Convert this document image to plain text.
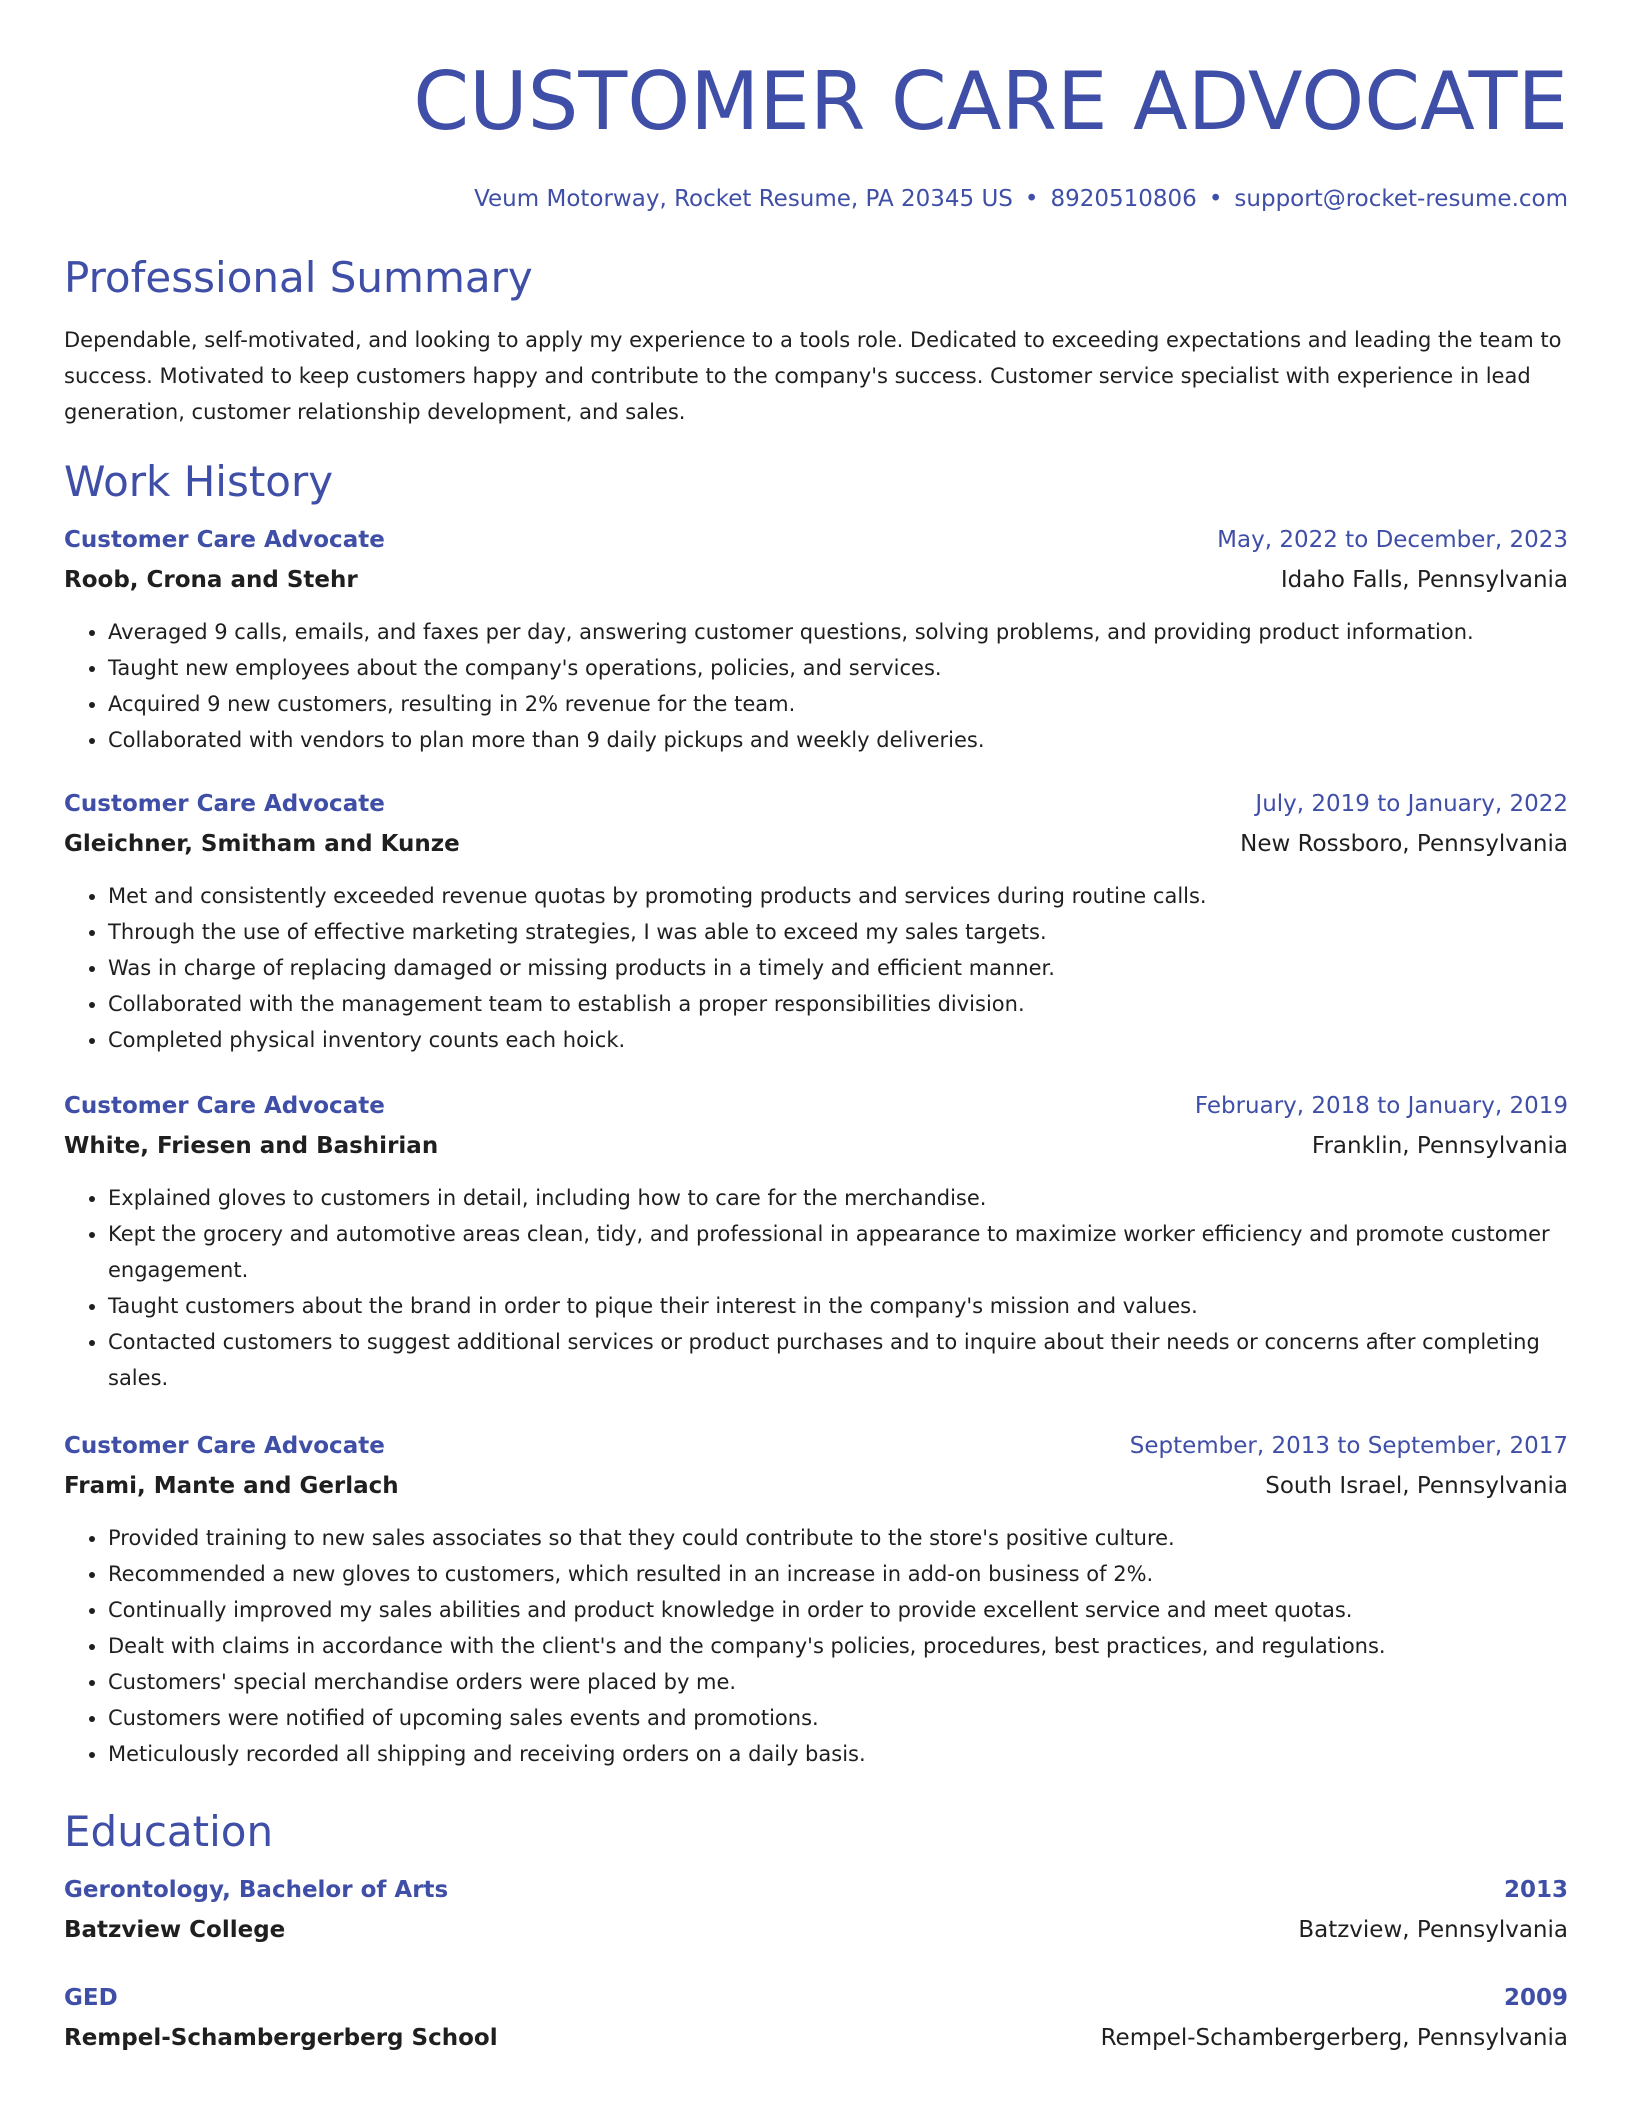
CUSTOMER CARE ADVOCATE
Veum Motorway, Rocket Resume, PA 20345 US • 8920510806 • support@rocket-resume.com
Professional Summary
Dependable, self-motivated, and looking to apply my experience to a tools role. Dedicated to exceeding expectations and leading the team to success. Motivated to keep customers happy and contribute to the company's success. Customer service specialist with experience in lead generation, customer relationship development, and sales.
Work History
Customer Care Advocate	May, 2022 to December, 2023
Roob, Crona and Stehr	Idaho Falls, Pennsylvania
• Averaged 9 calls, emails, and faxes per day, answering customer questions, solving problems, and providing product information.
• Taught new employees about the company's operations, policies, and services.
• Acquired 9 new customers, resulting in 2% revenue for the team.
• Collaborated with vendors to plan more than 9 daily pickups and weekly deliveries.
Customer Care Advocate	July, 2019 to January, 2022
Gleichner, Smitham and Kunze	New Rossboro, Pennsylvania
• Met and consistently exceeded revenue quotas by promoting products and services during routine calls.
• Through the use of effective marketing strategies, I was able to exceed my sales targets.
• Was in charge of replacing damaged or missing products in a timely and efficient manner.
• Collaborated with the management team to establish a proper responsibilities division.
• Completed physical inventory counts each hoick.
Customer Care Advocate	February, 2018 to January, 2019
White, Friesen and Bashirian	Franklin, Pennsylvania
• Explained gloves to customers in detail, including how to care for the merchandise.
• Kept the grocery and automotive areas clean, tidy, and professional in appearance to maximize worker efficiency and promote customer engagement.
• Taught customers about the brand in order to pique their interest in the company's mission and values.
• Contacted customers to suggest additional services or product purchases and to inquire about their needs or concerns after completing sales.
Customer Care Advocate	September, 2013 to September, 2017
Frami, Mante and Gerlach	South Israel, Pennsylvania
• Provided training to new sales associates so that they could contribute to the store's positive culture.
• Recommended a new gloves to customers, which resulted in an increase in add-on business of 2%.
• Continually improved my sales abilities and product knowledge in order to provide excellent service and meet quotas.
• Dealt with claims in accordance with the client's and the company's policies, procedures, best practices, and regulations.
• Customers' special merchandise orders were placed by me.
• Customers were notified of upcoming sales events and promotions.
• Meticulously recorded all shipping and receiving orders on a daily basis.
Education
Gerontology, Bachelor of Arts	2013
Batzview College	Batzview, Pennsylvania
GED	2009
Rempel-Schambergerberg School	Rempel-Schambergerberg, Pennsylvania
